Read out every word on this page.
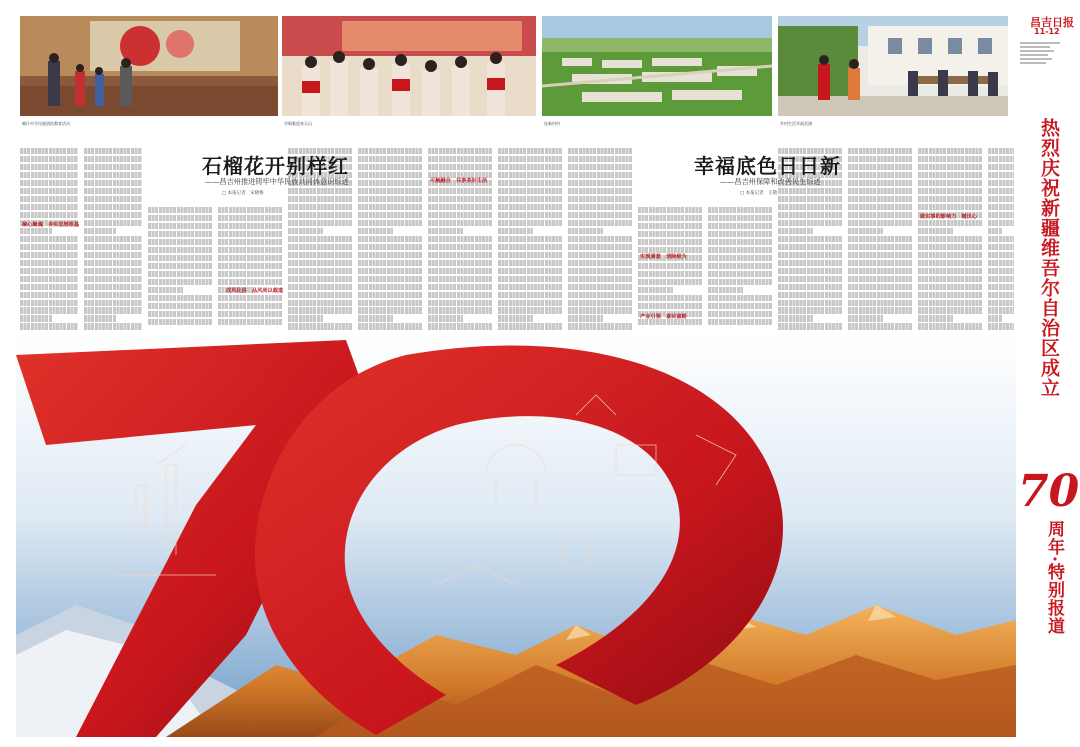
喀什中学民族团结教育活动	学唱歌迎来天山	连新村村	乡村生活幸福美满
昌吉日报
11-12
热烈庆祝新疆维吾尔自治区成立
70
周年·特别报道
石榴花开别样红
——昌吉州推进铸牢中华民族共同体意识综述
□ 本报记者　宋晓梅
凝心聚魂　夯实思想根基
成风化俗　品风尚以载道
可触融合　共享美好生活
幸福底色日日新
——昌吉州保障和改善民生综述
□ 本报记者　王敬
实现满意　消除极为
产业引领　富民富路
做实事的影响力　暖民心
